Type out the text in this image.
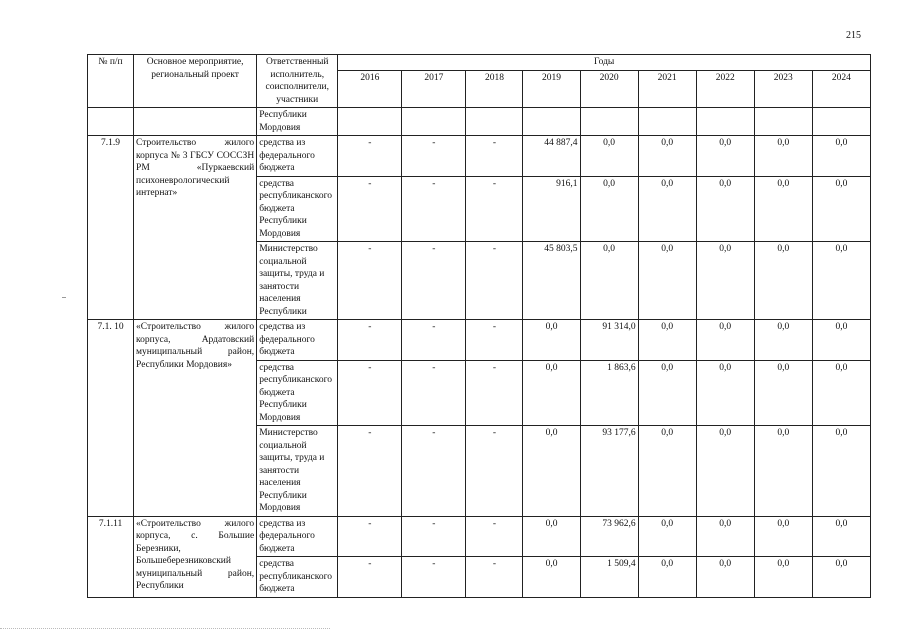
215
№ п/п	Основное мероприятие, региональный проект	Ответственный исполнитель, соисполнители, участники	Годы								
			2016	2017	2018	2019	2020	2021	2022	2023	2024
		Республики Мордовия									
7.1.9	Строительство жилого корпуса № 3 ГБСУ СОССЗН РМ «Пуркаевский психоневрологический интернат»	средства из федерального бюджета	-	-	-	44 887,4	0,0	0,0	0,0	0,0	0,0
		средства республиканского бюджета Республики Мордовия	-	-	-	916,1	0,0	0,0	0,0	0,0	0,0
		Министерство социальной защиты, труда и занятости населения Республики	-	-	-	45 803,5	0,0	0,0	0,0	0,0	0,0
7.1. 10	«Строительство жилого корпуса, Ардатовский муниципальный район, Республики Мордовия»	средства из федерального бюджета	-	-	-	0,0	91 314,0	0,0	0,0	0,0	0,0
		средства республиканского бюджета Республики Мордовия	-	-	-	0,0	1 863,6	0,0	0,0	0,0	0,0
		Министерство социальной защиты, труда и занятости населения Республики Мордовия	-	-	-	0,0	93 177,6	0,0	0,0	0,0	0,0
7.1.11	«Строительство жилого корпуса, с. Большие Березники, Большеберезниковский муниципальный район, Республики	средства из федерального бюджета	-	-	-	0,0	73 962,6	0,0	0,0	0,0	0,0
		средства республиканского бюджета	-	-	-	0,0	1 509,4	0,0	0,0	0,0	0,0
